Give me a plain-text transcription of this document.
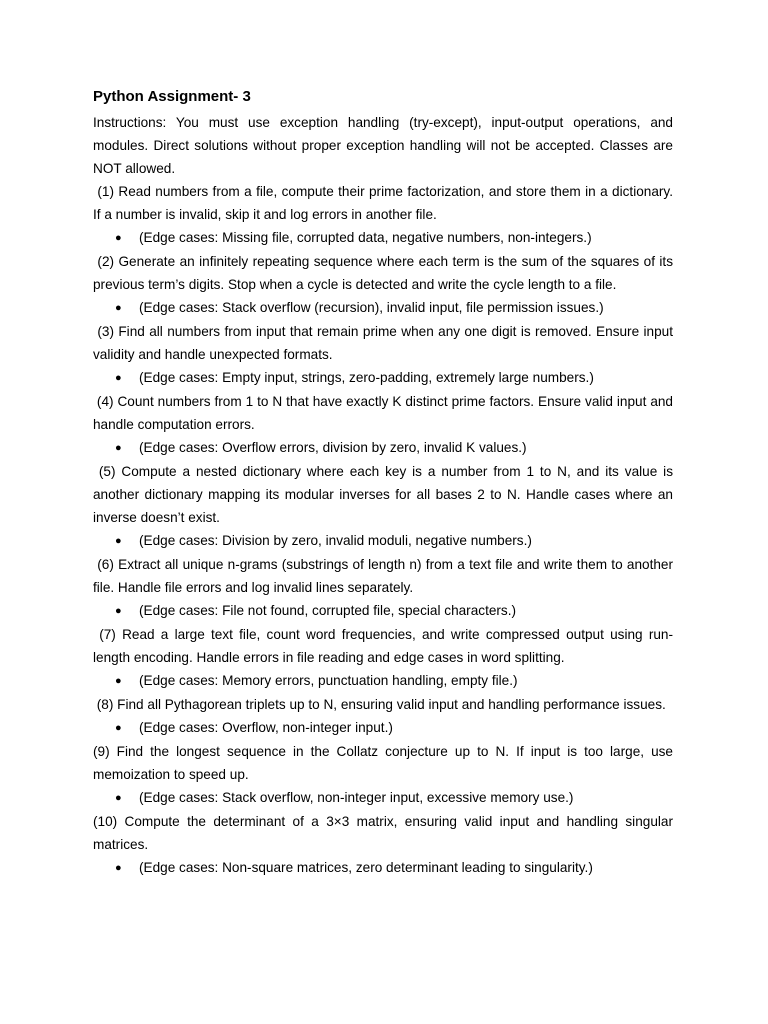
Python Assignment- 3

Instructions: You must use exception handling (try-except), input-output operations, and modules. Direct solutions without proper exception handling will not be accepted. Classes are NOT allowed.

(1) Read numbers from a file, compute their prime factorization, and store them in a dictionary. If a number is invalid, skip it and log errors in another file.

● (Edge cases: Missing file, corrupted data, negative numbers, non-integers.)

(2) Generate an infinitely repeating sequence where each term is the sum of the squares of its previous term’s digits. Stop when a cycle is detected and write the cycle length to a file.

● (Edge cases: Stack overflow (recursion), invalid input, file permission issues.)

(3) Find all numbers from input that remain prime when any one digit is removed. Ensure input validity and handle unexpected formats.

● (Edge cases: Empty input, strings, zero-padding, extremely large numbers.)

(4) Count numbers from 1 to N that have exactly K distinct prime factors. Ensure valid input and handle computation errors.

● (Edge cases: Overflow errors, division by zero, invalid K values.)

(5) Compute a nested dictionary where each key is a number from 1 to N, and its value is another dictionary mapping its modular inverses for all bases 2 to N. Handle cases where an inverse doesn’t exist.

● (Edge cases: Division by zero, invalid moduli, negative numbers.)

(6) Extract all unique n-grams (substrings of length n) from a text file and write them to another file. Handle file errors and log invalid lines separately.

● (Edge cases: File not found, corrupted file, special characters.)

(7) Read a large text file, count word frequencies, and write compressed output using run-length encoding. Handle errors in file reading and edge cases in word splitting.

● (Edge cases: Memory errors, punctuation handling, empty file.)

(8) Find all Pythagorean triplets up to N, ensuring valid input and handling performance issues.

● (Edge cases: Overflow, non-integer input.)

(9) Find the longest sequence in the Collatz conjecture up to N. If input is too large, use memoization to speed up.

● (Edge cases: Stack overflow, non-integer input, excessive memory use.)

(10) Compute the determinant of a 3×3 matrix, ensuring valid input and handling singular matrices.

● (Edge cases: Non-square matrices, zero determinant leading to singularity.)
